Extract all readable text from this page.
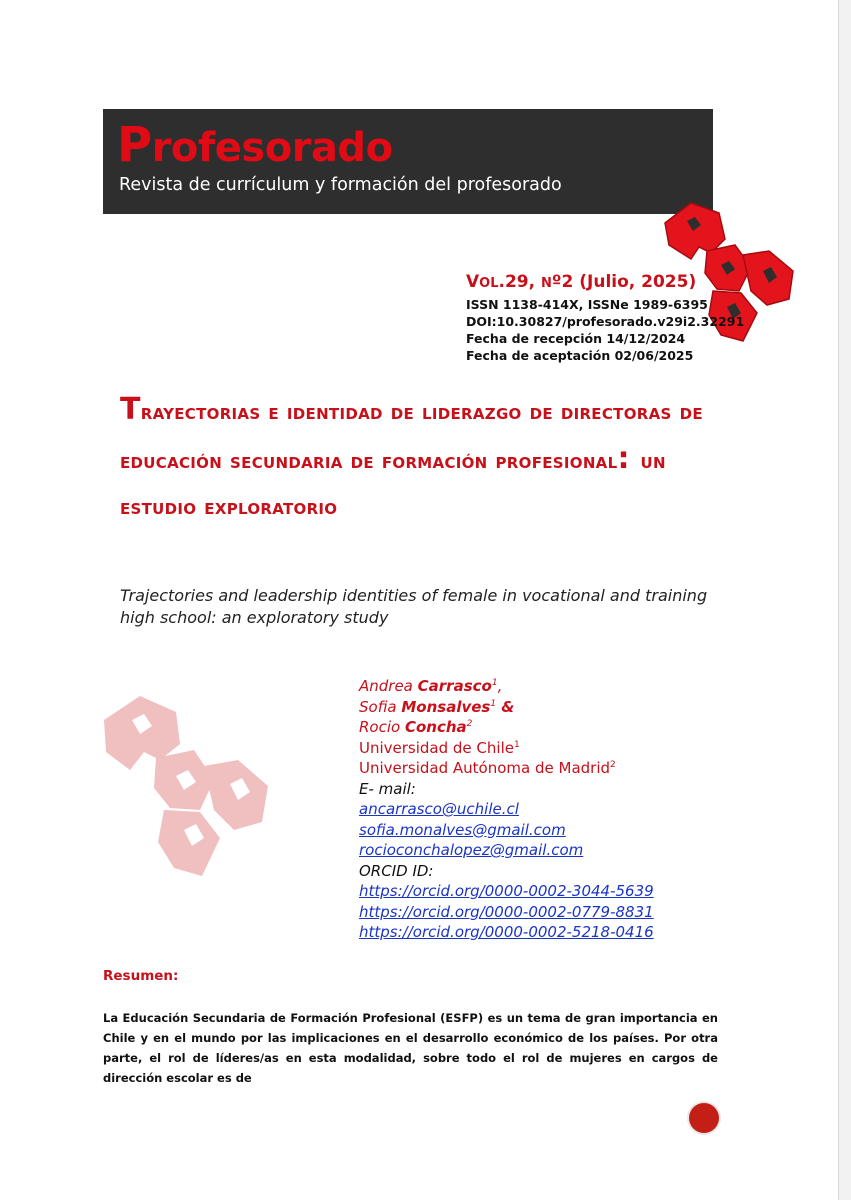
Profesorado
Revista de currículum y formación del profesorado
VOL.29, Nº2 (Julio, 2025)
ISSN 1138-414X, ISSNe 1989-6395
DOI:10.30827/profesorado.v29i2.32291
Fecha de recepción 14/12/2024
Fecha de aceptación 02/06/2025
Trayectorias e identidad de liderazgo de directoras de educación secundaria de formación profesional: un estudio exploratorio
Trajectories and leadership identities of female in vocational and training high school: an exploratory study
Andrea Carrasco$^1$,
Sofia Monsalves$^1$ &
Rocio Concha$^2$
Universidad de Chile$^1$
Universidad Autónoma de Madrid$^2$
E- mail:
ancarrasco@uchile.cl
sofia.monalves@gmail.com
rocioconchalopez@gmail.com
ORCID ID:
https://orcid.org/0000-0002-3044-5639
https://orcid.org/0000-0002-0779-8831
https://orcid.org/0000-0002-5218-0416
Resumen:
La Educación Secundaria de Formación Profesional (ESFP) es un tema de gran importancia en Chile y en el mundo por las implicaciones en el desarrollo económico de los países. Por otra parte, el rol de líderes/as en esta modalidad, sobre todo el rol de mujeres en cargos de dirección escolar es de
